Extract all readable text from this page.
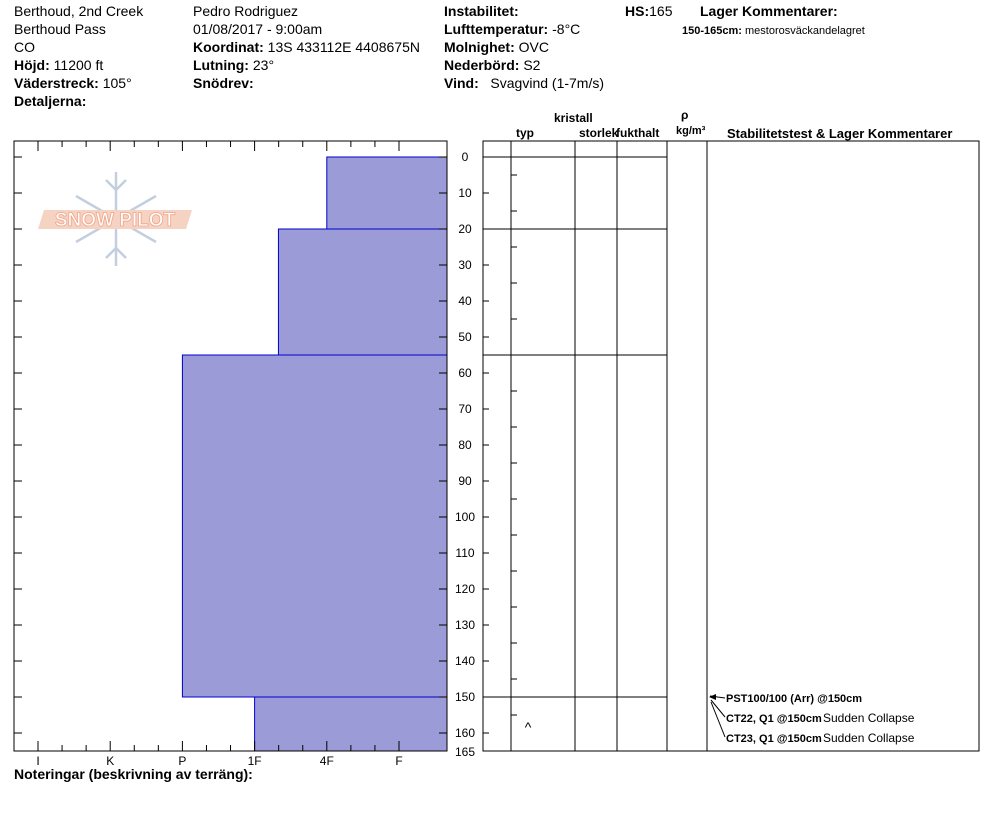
Berthoud, 2nd Creek
Berthoud Pass
CO
Höjd: 11200 ft
Väderstreck: 105°
Detaljerna:
Pedro Rodriguez
01/08/2017 - 9:00am
Koordinat: 13S 433112E 4408675N
Lutning: 23°
Snödrev:
Instabilitet:
Lufttemperatur: -8°C
Molnighet: OVC
Nederbörd: S2
Vind: Svagvind (1-7m/s)
HS:165 Lager Kommentarer:
150-165cm: mestorosväckandelagret
typ
kristall
storlek
fukthalt
ρ
kg/m³ Stabilitetstest & Lager Kommentarer
SNOW PILOT
I	K	P	1F	4F	F
0
10
20
30
40
50
60
70
80
90
100
110
120
130
140
150
160
165
^
PST100/100 (Arr) @150cm
CT22, Q1 @150cm Sudden Collapse
CT23, Q1 @150cm Sudden Collapse
Noteringar (beskrivning av terräng):
